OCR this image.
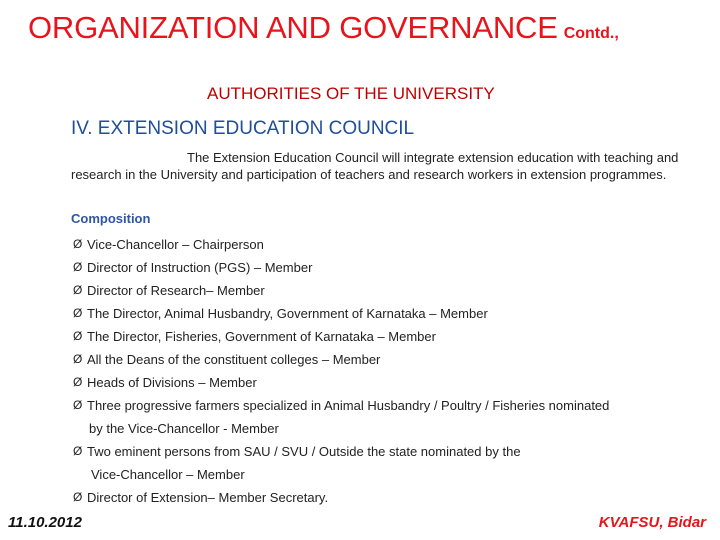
ORGANIZATION AND GOVERNANCE Contd.,
AUTHORITIES OF THE UNIVERSITY
IV. EXTENSION EDUCATION COUNCIL
The Extension Education Council will integrate extension education with teaching and research in the University and participation of teachers and research workers in extension programmes.
Composition
Ø Vice-Chancellor – Chairperson
Ø Director of Instruction (PGS) – Member
Ø Director of Research– Member
Ø The Director, Animal Husbandry, Government of Karnataka – Member
Ø The Director, Fisheries, Government of Karnataka – Member
Ø All the Deans of the constituent colleges – Member
Ø Heads of Divisions – Member
Ø Three progressive farmers specialized in Animal Husbandry / Poultry / Fisheries nominated
by the Vice-Chancellor - Member
Ø Two eminent persons from SAU / SVU / Outside the state nominated by the
Vice-Chancellor – Member
Ø Director of Extension– Member Secretary.
11.10.2012	KVAFSU, Bidar
